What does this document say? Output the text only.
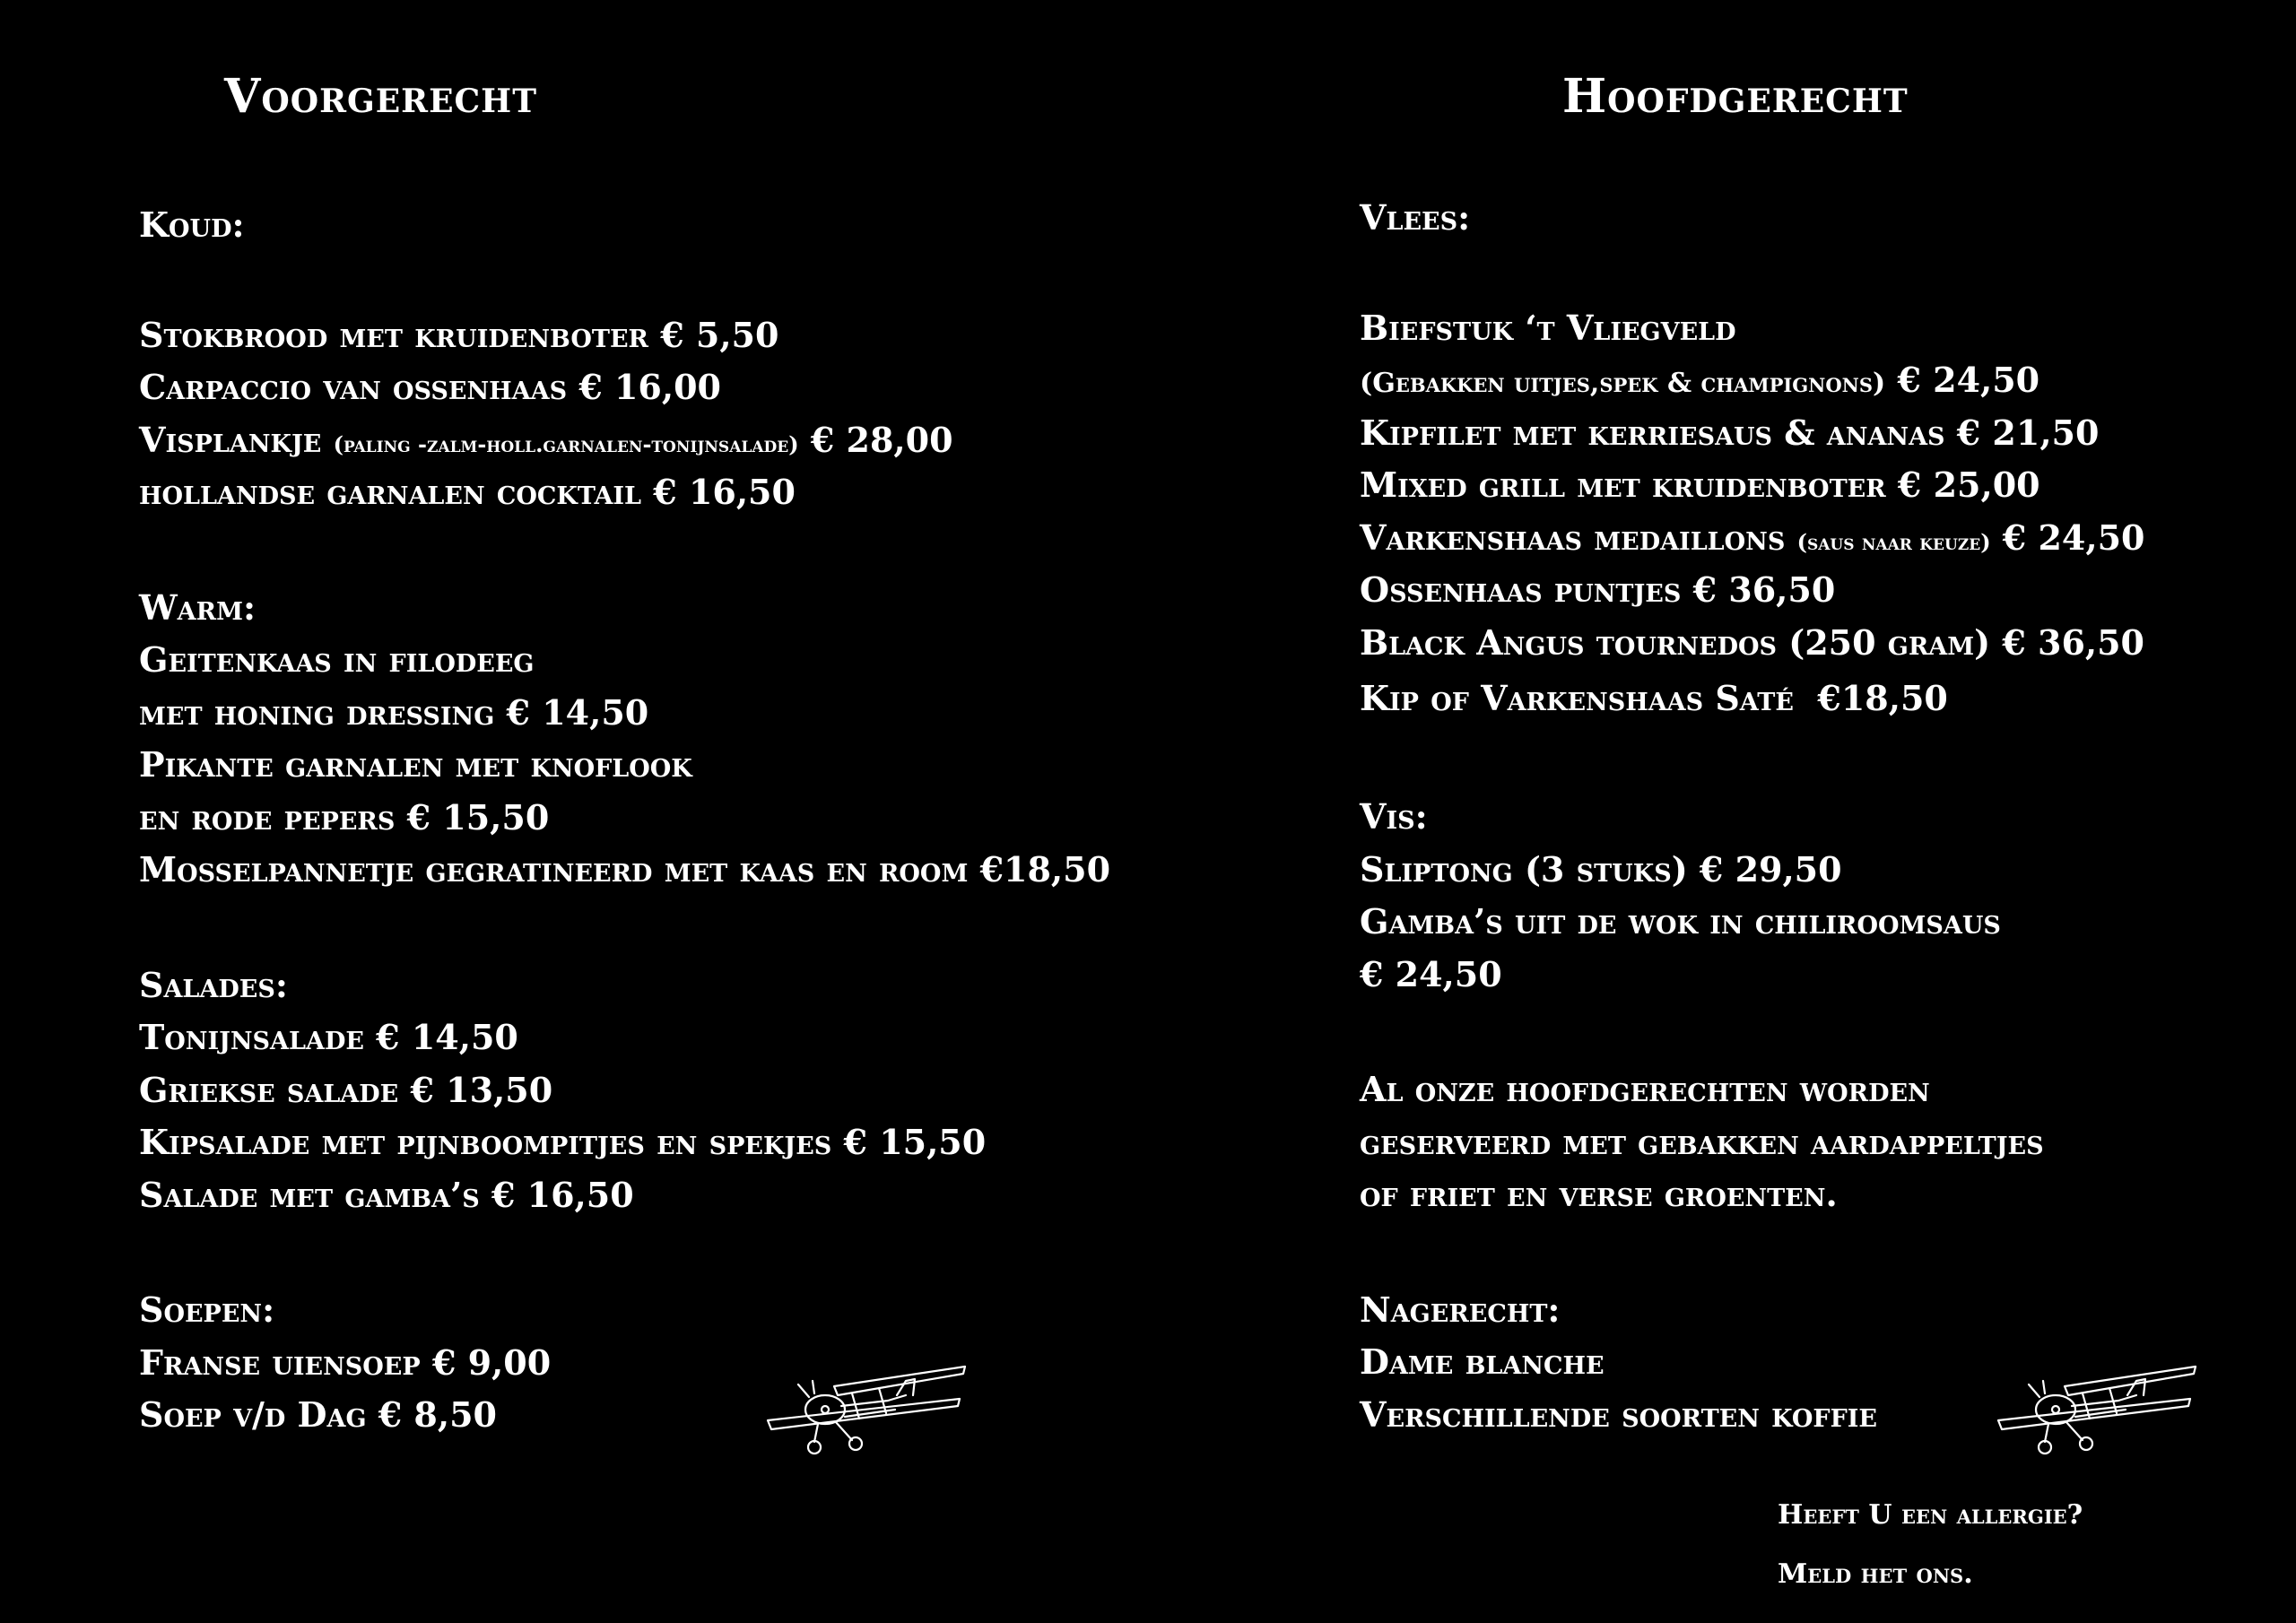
Voorgerecht	Hoofdgerecht
Koud:
Stokbrood met kruidenboter € 5,50
Carpaccio van ossenhaas € 16,00
Visplankje (paling -zalm-holl.garnalen-tonijnsalade) € 28,00
hollandse garnalen cocktail € 16,50
Warm:
Geitenkaas in filodeeg
met honing dressing € 14,50
Pikante garnalen met knoflook
en rode pepers € 15,50
Mosselpannetje gegratineerd met kaas en room €18,50
Salades:
Tonijnsalade € 14,50
Griekse salade € 13,50
Kipsalade met pijnboompitjes en spekjes € 15,50
Salade met gamba’s € 16,50
Soepen:
Franse uiensoep € 9,00
Soep v/d Dag € 8,50
Vlees:
Biefstuk ‘t Vliegveld
(Gebakken uitjes,spek & champignons) € 24,50
Kipfilet met kerriesaus & ananas € 21,50
Mixed grill met kruidenboter € 25,00
Varkenshaas medaillons (saus naar keuze) € 24,50
Ossenhaas puntjes € 36,50
Black Angus tournedos (250 gram) € 36,50
Kip of Varkenshaas Saté €18,50
Vis:
Sliptong (3 stuks) € 29,50
Gamba’s uit de wok in chiliroomsaus
€ 24,50
Al onze hoofdgerechten worden
geserveerd met gebakken aardappeltjes
of friet en verse groenten.
Nagerecht:
Dame blanche
Verschillende soorten koffie
Heeft U een allergie?
Meld het ons.
